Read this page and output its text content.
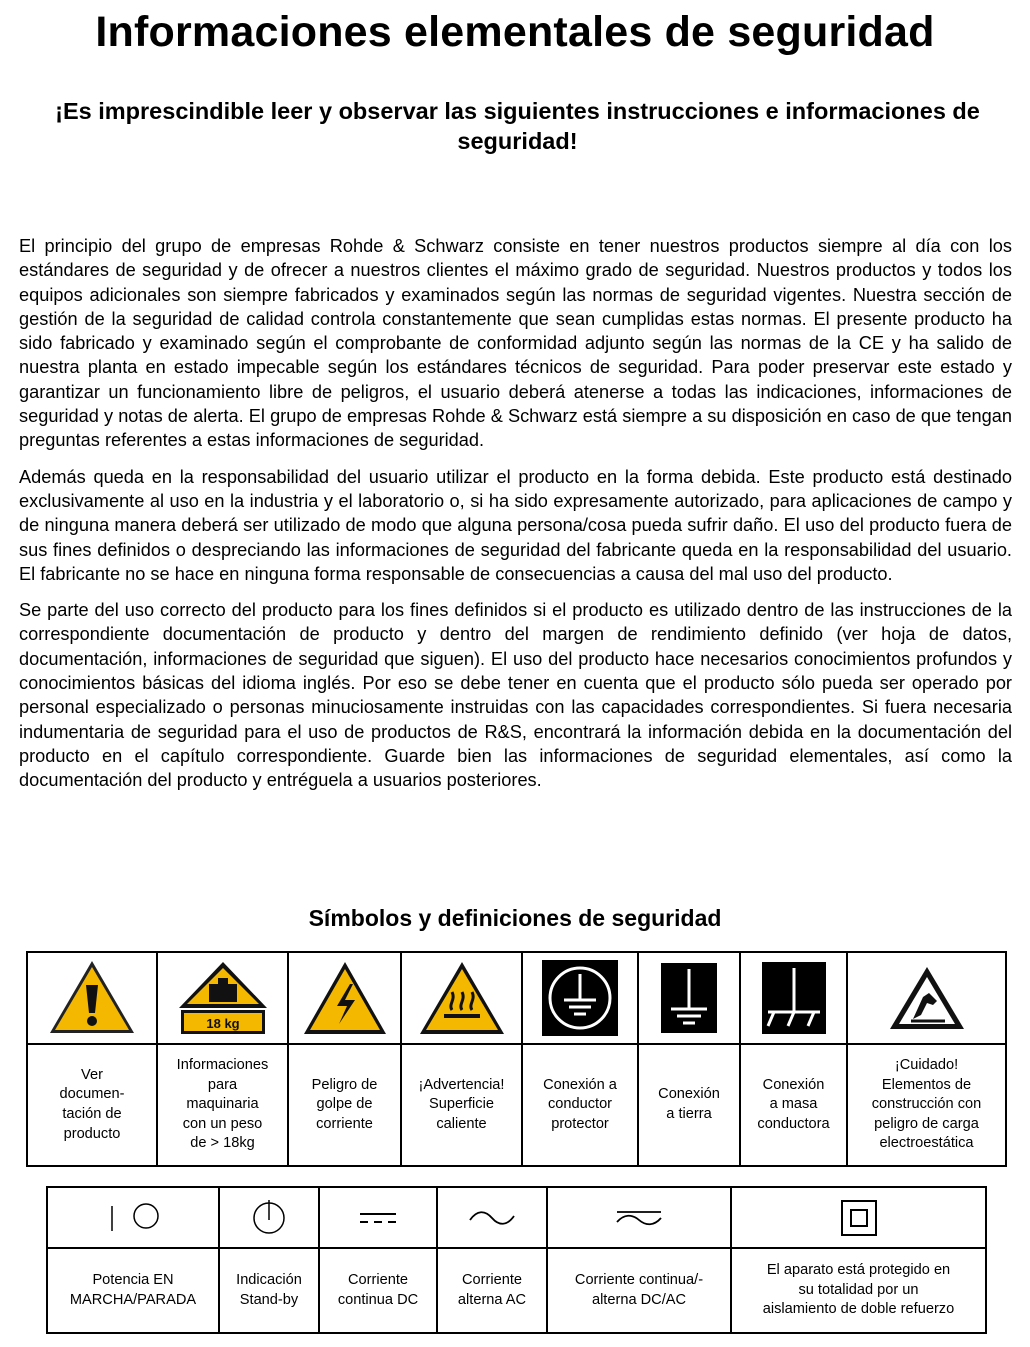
Informaciones elementales de seguridad
¡Es imprescindible leer y observar las siguientes instrucciones e informaciones de seguridad!

El principio del grupo de empresas Rohde & Schwarz consiste en tener nuestros productos siempre al día con los estándares de seguridad y de ofrecer a nuestros clientes el máximo grado de seguridad. Nuestros productos y todos los equipos adicionales son siempre fabricados y examinados según las normas de seguridad vigentes. Nuestra sección de gestión de la seguridad de calidad controla constantemente que sean cumplidas estas normas. El presente producto ha sido fabricado y examinado según el comprobante de conformidad adjunto según las normas de la CE y ha salido de nuestra planta en estado impecable según los estándares técnicos de seguridad. Para poder preservar este estado y garantizar un funcionamiento libre de peligros, el usuario deberá atenerse a todas las indicaciones, informaciones de seguridad y notas de alerta. El grupo de empresas Rohde & Schwarz está siempre a su disposición en caso de que tengan preguntas referentes a estas informaciones de seguridad.

Además queda en la responsabilidad del usuario utilizar el producto en la forma debida. Este producto está destinado exclusivamente al uso en la industria y el laboratorio o, si ha sido expresamente autorizado, para aplicaciones de campo y de ninguna manera deberá ser utilizado de modo que alguna persona/cosa pueda sufrir daño. El uso del producto fuera de sus fines definidos o despreciando las informaciones de seguridad del fabricante queda en la responsabilidad del usuario. El fabricante no se hace en ninguna forma responsable de consecuencias a causa del mal uso del producto.

Se parte del uso correcto del producto para los fines definidos si el producto es utilizado dentro de las instrucciones de la correspondiente documentación de producto y dentro del margen de rendimiento definido (ver hoja de datos, documentación, informaciones de seguridad que siguen). El uso del producto hace necesarios conocimientos profundos y conocimientos básicas del idioma inglés. Por eso se debe tener en cuenta que el producto sólo pueda ser operado por personal especializado o personas minuciosamente instruidas con las capacidades correspondientes. Si fuera necesaria indumentaria de seguridad para el uso de productos de R&S, encontrará la información debida en la documentación del producto en el capítulo correspondiente. Guarde bien las informaciones de seguridad elementales, así como la documentación del producto y entréguela a usuarios posteriores.

Símbolos y definiciones de seguridad

18 kg

Ver
documen-
tación de
producto	Informaciones
para
maquinaria
con un peso
de > 18kg	Peligro de
golpe de
corriente	¡Advertencia!
Superficie
caliente	Conexión a
conductor
protector	Conexión
a tierra	Conexión
a masa
conductora	¡Cuidado!
Elementos de
construcción con
peligro de carga
electroestática

Potencia EN
MARCHA/PARADA	Indicación
Stand-by	Corriente
continua DC	Corriente
alterna AC	Corriente continua/-
alterna DC/AC	El aparato está protegido en
su totalidad por un
aislamiento de doble refuerzo
